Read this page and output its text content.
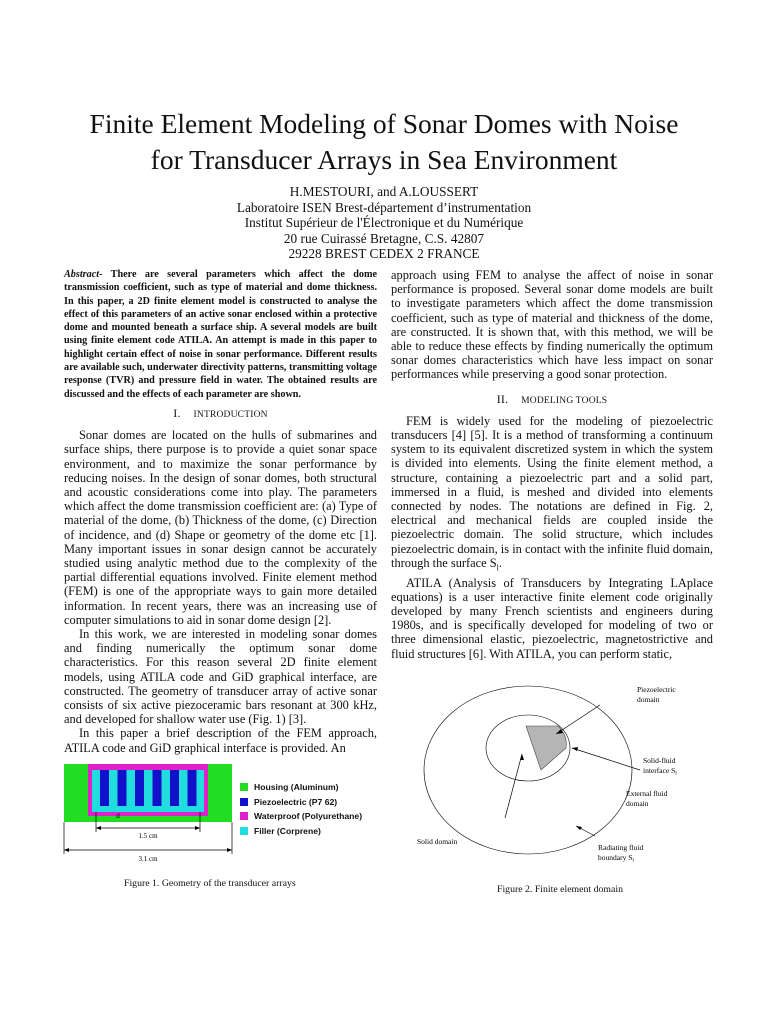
Finite Element Modeling of Sonar Domes with Noise
for Transducer Arrays in Sea Environment
H.MESTOURI, and A.LOUSSERT
Laboratoire ISEN Brest-département d’instrumentation
Institut Supérieur de l'Électronique et du Numérique
20 rue Cuirassé Bretagne, C.S. 42807
29228 BREST CEDEX 2 FRANCE

Abstract- There are several parameters which affect the dome transmission coefficient, such as type of material and dome thickness. In this paper, a 2D finite element model is constructed to analyse the effect of this parameters of an active sonar enclosed within a protective dome and mounted beneath a surface ship. A several models are built using finite element code ATILA. An attempt is made in this paper to highlight certain effect of noise in sonar performance. Different results are available such, underwater directivity patterns, transmitting voltage response (TVR) and pressure field in water. The obtained results are discussed and the effects of each parameter are shown.

I. INTRODUCTION

Sonar domes are located on the hulls of submarines and surface ships, there purpose is to provide a quiet sonar space environment, and to maximize the sonar performance by reducing noises. In the design of sonar domes, both structural and acoustic considerations come into play. The parameters which affect the dome transmission coefficient are: (a) Type of material of the dome, (b) Thickness of the dome, (c) Direction of incidence, and (d) Shape or geometry of the dome etc [1]. Many important issues in sonar design cannot be accurately studied using analytic method due to the complexity of the partial differential equations involved. Finite element method (FEM) is one of the appropriate ways to gain more detailed information. In recent years, there was an increasing use of computer simulations to aid in sonar dome design [2].

In this work, we are interested in modeling sonar domes and finding numerically the optimum sonar dome characteristics. For this reason several 2D finite element models, using ATILA code and GiD graphical interface, are constructed. The geometry of transducer array of active sonar consists of six active piezoceramic bars resonant at 300 kHz, and developed for shallow water use (Fig. 1) [3].

In this paper a brief description of the FEM approach, ATILA code and GiD graphical interface is provided. An

approach using FEM to analyse the affect of noise in sonar performance is proposed. Several sonar dome models are built to investigate parameters which affect the dome transmission coefficient, such as type of material and thickness of the dome, are constructed. It is shown that, with this method, we will be able to reduce these effects by finding numerically the optimum sonar domes characteristics which have less impact on sonar performances while preserving a good sonar protection.

II. MODELING TOOLS

FEM is widely used for the modeling of piezoelectric transducers [4] [5]. It is a method of transforming a continuum system to its equivalent discretized system in which the system is divided into elements. Using the finite element method, a structure, containing a piezoelectric part and a solid part, immersed in a fluid, is meshed and divided into elements connected by nodes. The notations are defined in Fig. 2, electrical and mechanical fields are coupled inside the piezoelectric domain. The solid structure, which includes piezoelectric domain, is in contact with the infinite fluid domain, through the surface $S_l$.

ATILA (Analysis of Transducers by Integrating LAplace equations) is a user interactive finite element code originally developed by many French scientists and engineers during 1980s, and is specifically developed for modeling of two or three dimensional elastic, piezoelectric, magnetostrictive and fluid structures [6]. With ATILA, you can perform static,

1.5 cm
d
3.1 cm
Housing (Aluminum)
Piezoelectric (P7 62)
Waterproof (Polyurethane)
Filler (Corprene)
Figure 1. Geometry of the transducer arrays
Piezoelectric
domain
Solid-fluid
interface $S_l$
External fluid
domain
Solid domain
Radiating fluid
boundary $S_l$
Figure 2. Finite element domain
